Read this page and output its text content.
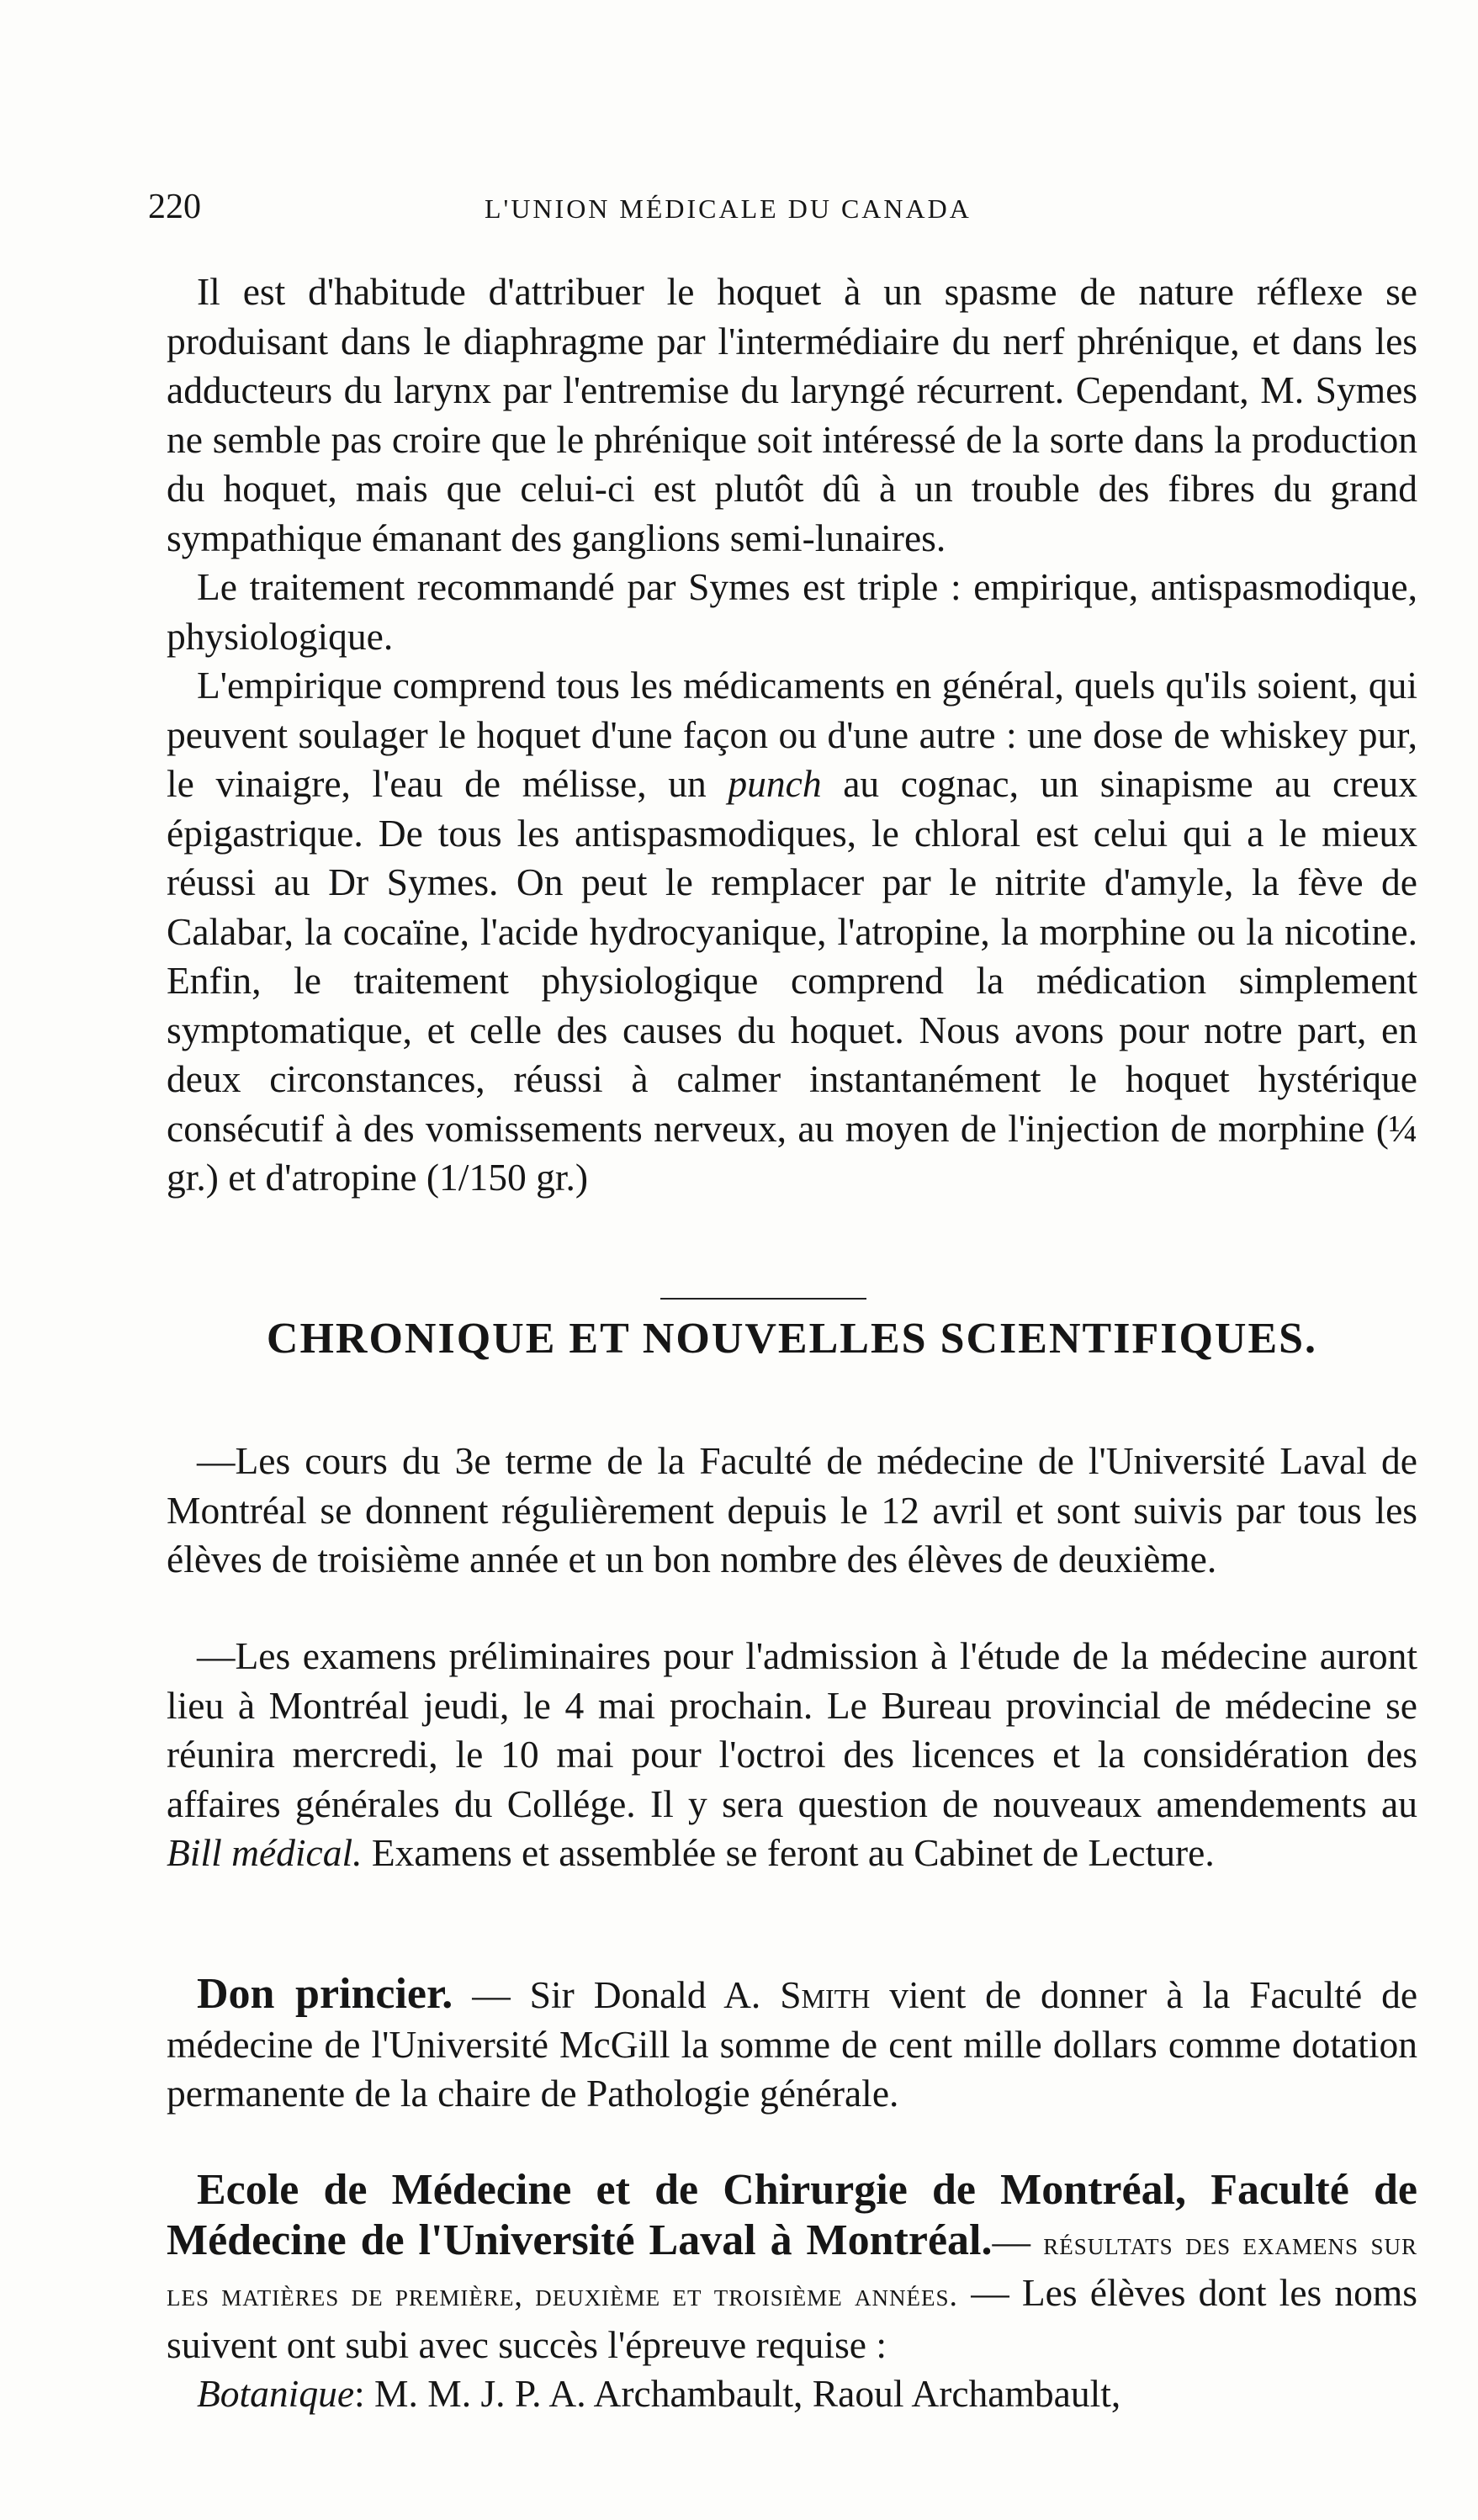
220	L'UNION MÉDICALE DU CANADA

Il est d'habitude d'attribuer le hoquet à un spasme de nature réflexe se produisant dans le diaphragme par l'intermédiaire du nerf phrénique, et dans les adducteurs du larynx par l'entremise du laryngé récurrent. Cependant, M. Symes ne semble pas croire que le phrénique soit intéressé de la sorte dans la production du hoquet, mais que celui-ci est plutôt dû à un trouble des fibres du grand sympathique émanant des ganglions semi-lunaires.

Le traitement recommandé par Symes est triple : empirique, antispasmodique, physiologique.

L'empirique comprend tous les médicaments en général, quels qu'ils soient, qui peuvent soulager le hoquet d'une façon ou d'une autre : une dose de whiskey pur, le vinaigre, l'eau de mélisse, un punch au cognac, un sinapisme au creux épigastrique. De tous les antispasmodiques, le chloral est celui qui a le mieux réussi au Dr Symes. On peut le remplacer par le nitrite d'amyle, la fève de Calabar, la cocaïne, l'acide hydrocyanique, l'atropine, la morphine ou la nicotine. Enfin, le traitement physiologique comprend la médication simplement symptomatique, et celle des causes du hoquet. Nous avons pour notre part, en deux circonstances, réussi à calmer instantanément le hoquet hystérique consécutif à des vomissements nerveux, au moyen de l'injection de morphine (¼ gr.) et d'atropine (1/150 gr.)

CHRONIQUE ET NOUVELLES SCIENTIFIQUES.

—Les cours du 3e terme de la Faculté de médecine de l'Université Laval de Montréal se donnent régulièrement depuis le 12 avril et sont suivis par tous les élèves de troisième année et un bon nombre des élèves de deuxième.

—Les examens préliminaires pour l'admission à l'étude de la médecine auront lieu à Montréal jeudi, le 4 mai prochain. Le Bureau provincial de médecine se réunira mercredi, le 10 mai pour l'octroi des licences et la considération des affaires générales du Collége. Il y sera question de nouveaux amendements au Bill médical. Examens et assemblée se feront au Cabinet de Lecture.

Don princier. — Sir Donald A. Smith vient de donner à la Faculté de médecine de l'Université McGill la somme de cent mille dollars comme dotation permanente de la chaire de Pathologie générale.

Ecole de Médecine et de Chirurgie de Montréal, Faculté de Médecine de l'Université Laval à Montréal.— résultats des examens sur les matières de première, deuxième et troisième années. — Les élèves dont les noms suivent ont subi avec succès l'épreuve requise :

Botanique: M. M. J. P. A. Archambault, Raoul Archambault,
